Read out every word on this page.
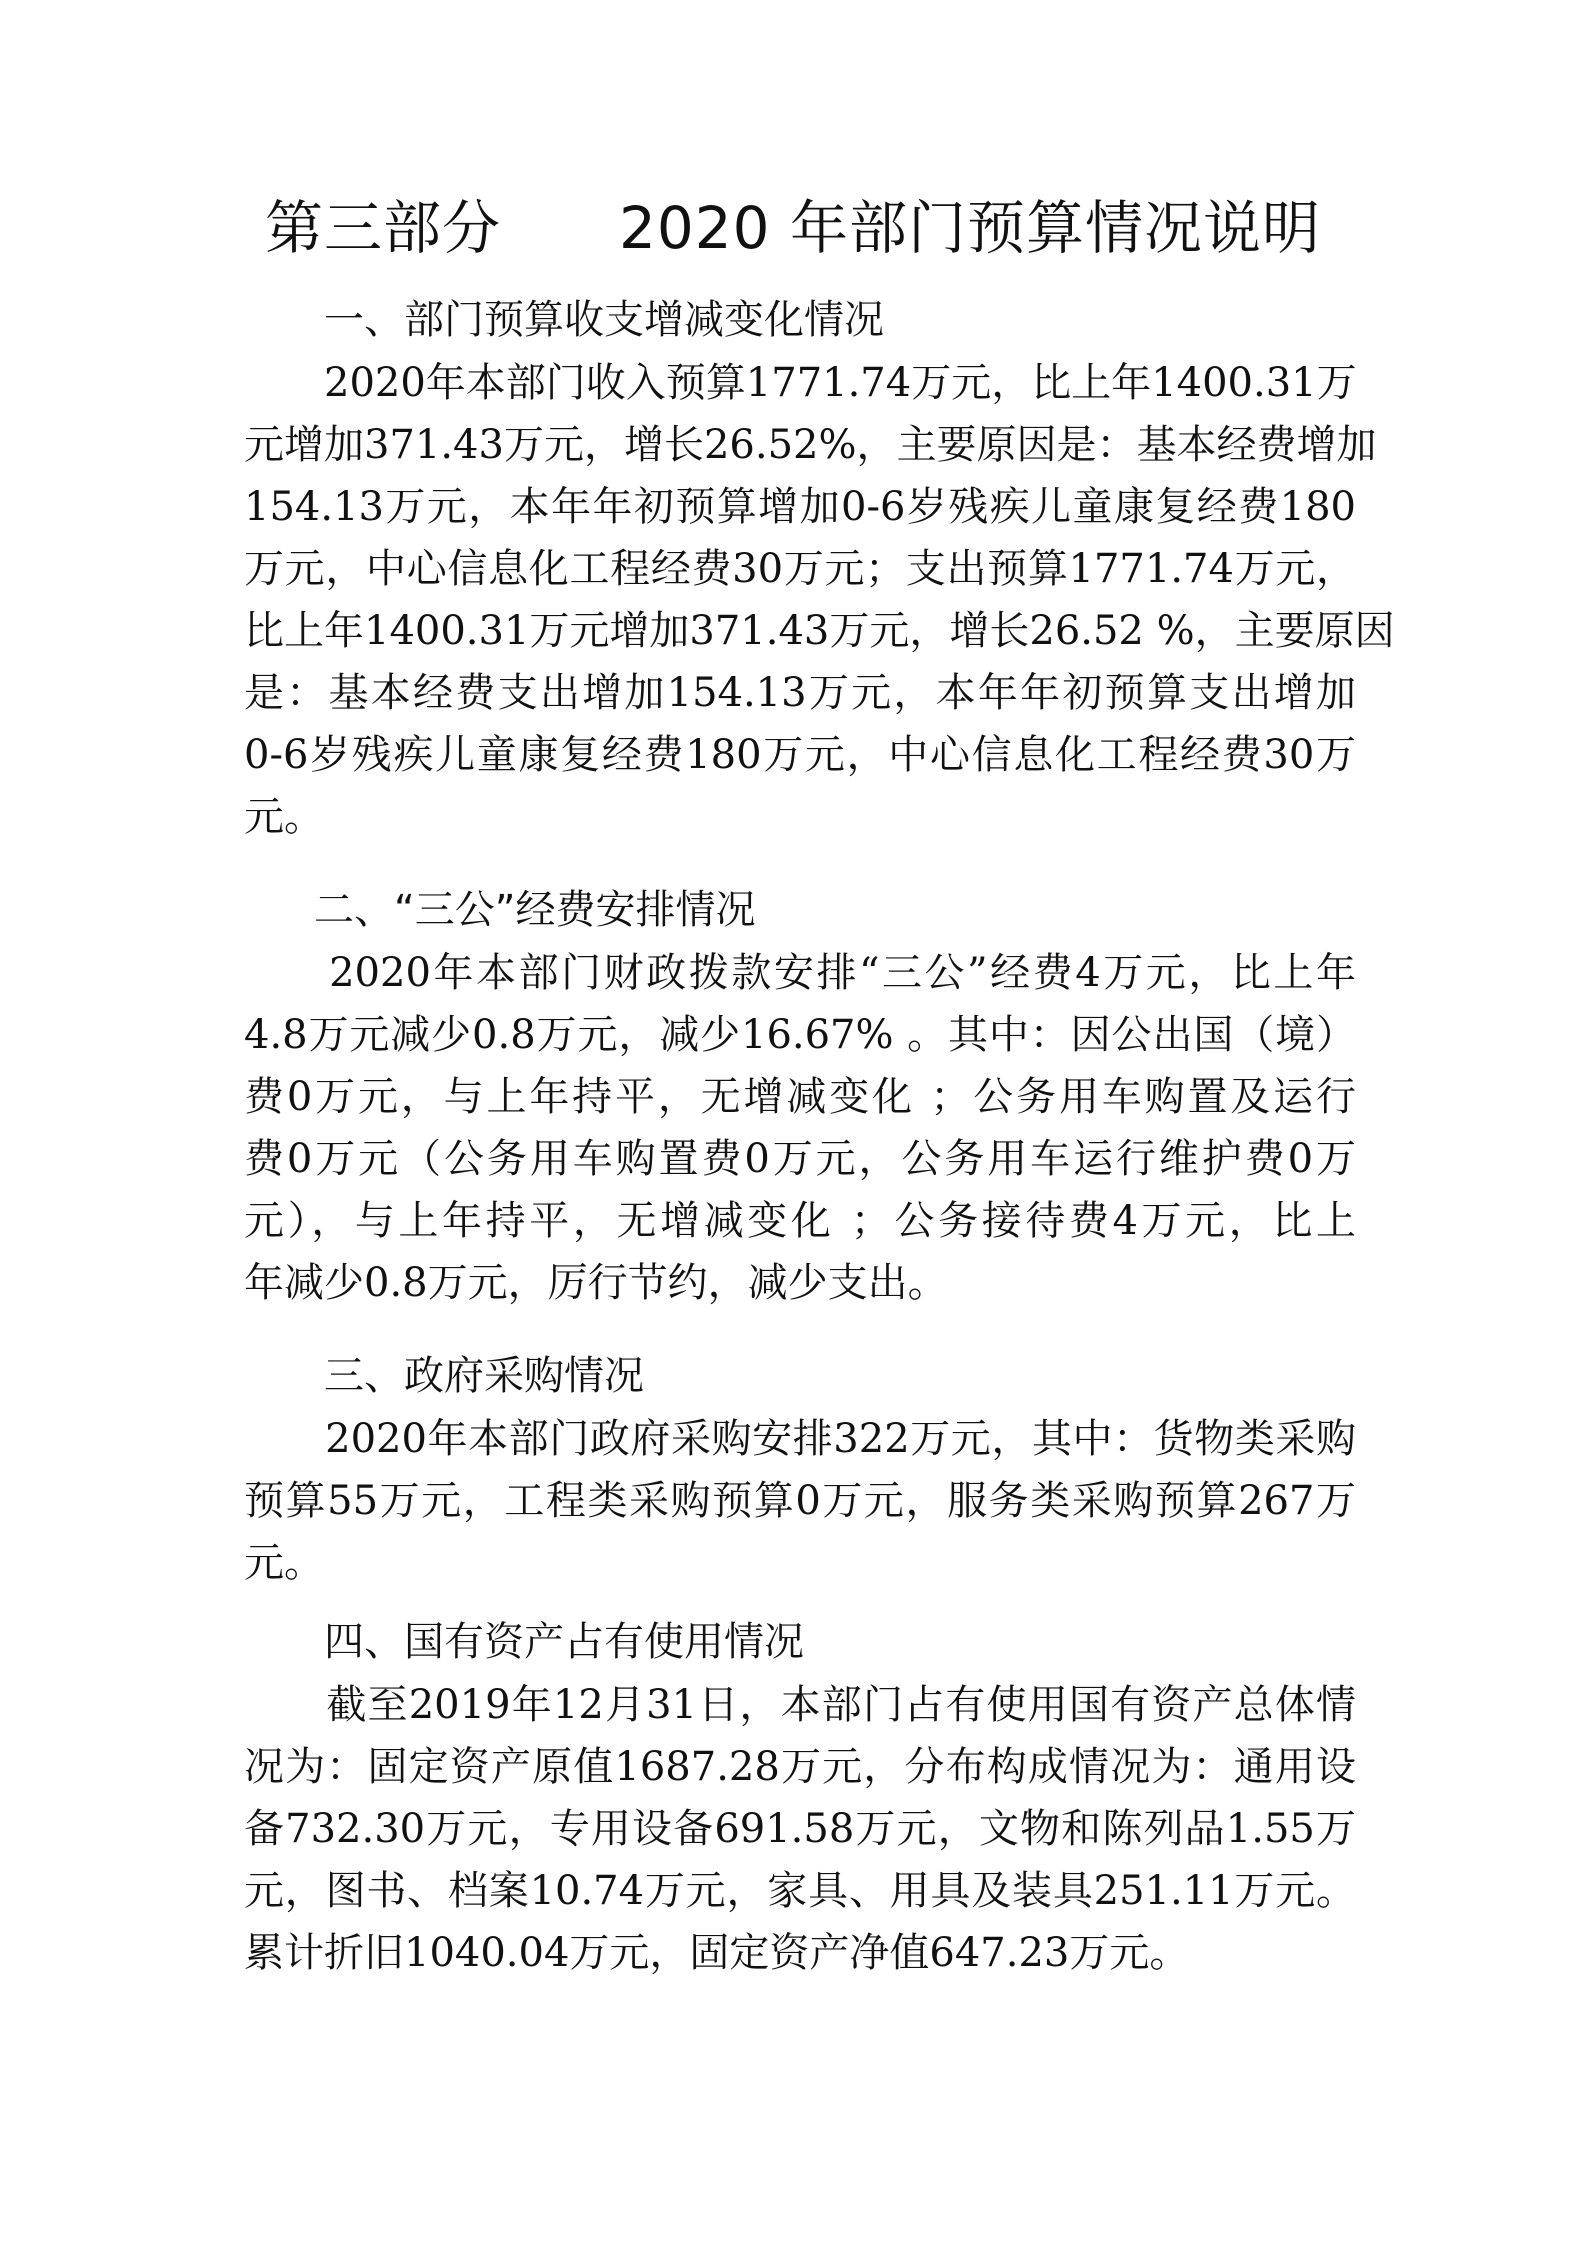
第三部分　　2020 年部门预算情况说明
一、部门预算收支增减变化情况
　　2020年本部门收入预算1771.74万元，比上年1400.31万
元增加371.43万元，增长26.52%，主要原因是：基本经费增加
154.13万元，本年年初预算增加0-6岁残疾儿童康复经费180
万元，中心信息化工程经费30万元；支出预算1771.74万元，
比上年1400.31万元增加371.43万元，增长26.52 %，主要原因
是：基本经费支出增加154.13万元，本年年初预算支出增加
0-6岁残疾儿童康复经费180万元，中心信息化工程经费30万
元。
二、“三公”经费安排情况
　　2020年本部门财政拨款安排“三公”经费4万元，比上年
4.8万元减少0.8万元，减少16.67% 。其中：因公出国（境）
费0万元，与上年持平，无增减变化 ；公务用车购置及运行
费0万元（公务用车购置费0万元，公务用车运行维护费0万
元），与上年持平，无增减变化 ；公务接待费4万元，比上
年减少0.8万元，厉行节约，减少支出。
三、政府采购情况
　　2020年本部门政府采购安排322万元，其中：货物类采购
预算55万元，工程类采购预算0万元，服务类采购预算267万
元。
四、国有资产占有使用情况
　　截至2019年12月31日，本部门占有使用国有资产总体情
况为：固定资产原值1687.28万元，分布构成情况为：通用设
备732.30万元，专用设备691.58万元，文物和陈列品1.55万
元，图书、档案10.74万元，家具、用具及装具251.11万元。
累计折旧1040.04万元，固定资产净值647.23万元。
